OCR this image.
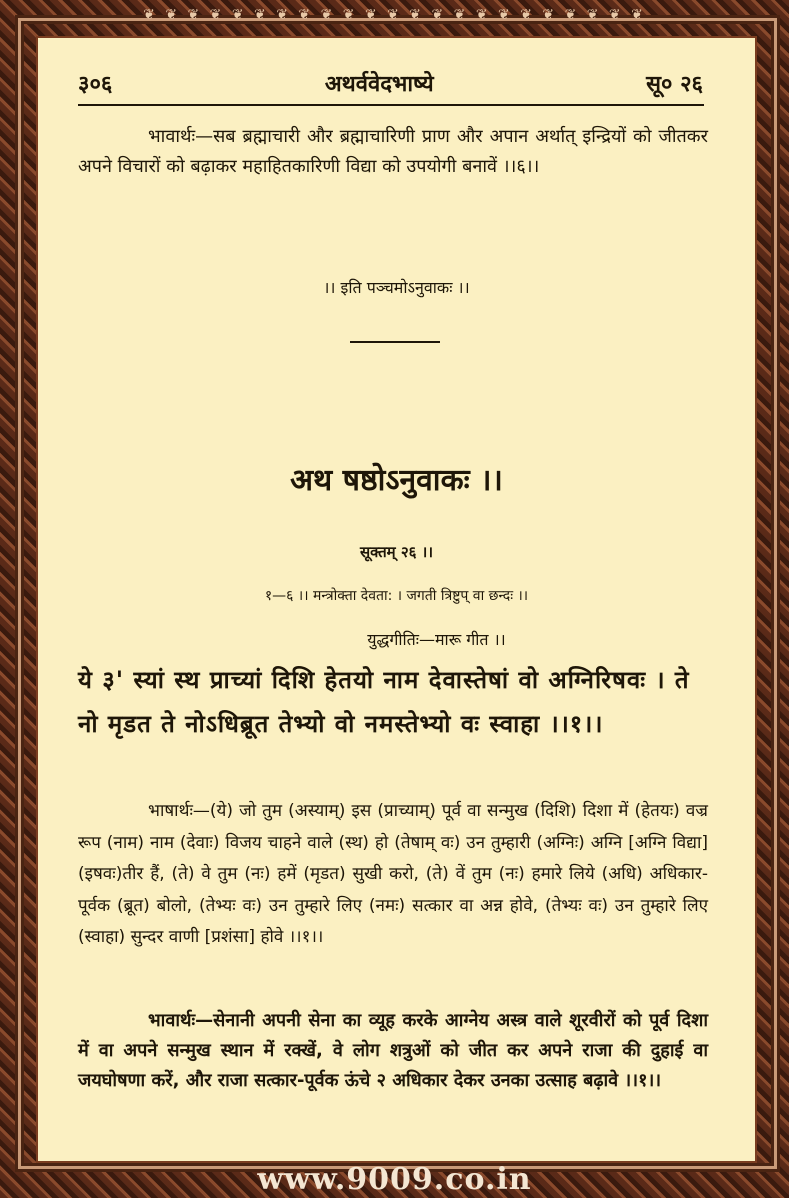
३०६	अथर्ववेदभाष्ये	सू० २६
भावार्थः—सब ब्रह्माचारी और ब्रह्माचारिणी प्राण और अपान अर्थात् इन्द्रियों को जीतकर अपने विचारों को बढ़ाकर महाहितकारिणी विद्या को उपयोगी बनावें ।।६।।
।। इति पञ्चमोऽनुवाकः ।।
अथ षष्ठोऽनुवाकः ।।
सूक्तम् २६ ।।
१—६ ।। मन्त्रोक्ता देवता: । जगती त्रिष्टुप् वा छन्दः ।।
युद्धगीतिः—मारू गीत ।।
ये ३' स्यां स्थ प्राच्यां दिशि हेतयो नाम देवास्तेषां वो अग्निरिषवः । ते नो मृडत ते नोऽधिब्रूत तेभ्यो वो नमस्तेभ्यो वः स्वाहा ।।१।।
भाषार्थः—(ये) जो तुम (अस्याम्) इस (प्राच्याम्) पूर्व वा सन्मुख (दिशि) दिशा में (हेतयः) वज्र रूप (नाम) नाम (देवाः) विजय चाहने वाले (स्थ) हो (तेषाम् वः) उन तुम्हारी (अग्निः) अग्नि [अग्नि विद्या] (इषवः)तीर हैं, (ते) वे तुम (नः) हमें (मृडत) सुखी करो, (ते) वें तुम (नः) हमारे लिये (अधि) अधिकार-पूर्वक (ब्रूत) बोलो, (तेभ्यः वः) उन तुम्हारे लिए (नमः) सत्कार वा अन्न होवे, (तेभ्यः वः) उन तुम्हारे लिए (स्वाहा) सुन्दर वाणी [प्रशंसा] होवे ।।१।।
भावार्थः—सेनानी अपनी सेना का व्यूह करके आग्नेय अस्त्र वाले शूरवीरों को पूर्व दिशा में वा अपने सन्मुख स्थान में रक्खें, वे लोग शत्रुओं को जीत कर अपने राजा की दुहाई वा जयघोषणा करें, और राजा सत्कार-पूर्वक ऊंचे २ अधिकार देकर उनका उत्साह बढ़ावे ।।१।।
❦ ❦ ❦ ❦ ❦ ❦ ❦ ❦ ❦ ❦ ❦ ❦ ❦ ❦ ❦ ❦ ❦ ❦ ❦ ❦ ❦ ❦ ❦
www.9009.co.in
